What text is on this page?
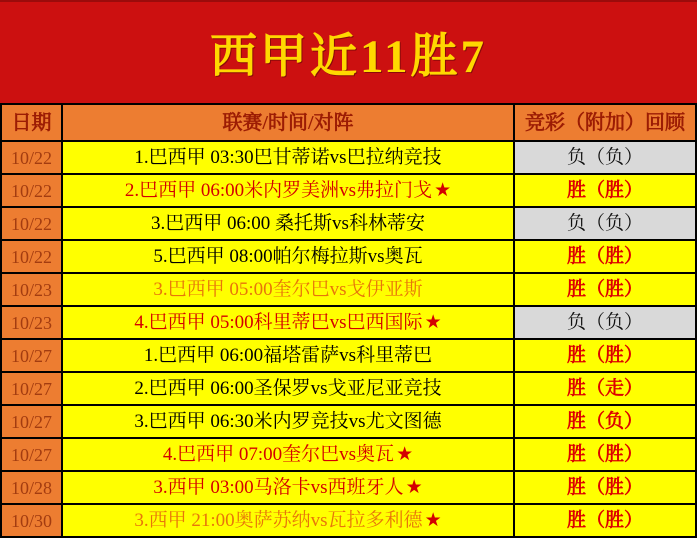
西甲近11胜7
日期	联赛/时间/对阵	竞彩（附加）回顾
10/22	1.巴西甲 03:30巴甘蒂诺vs巴拉纳竞技	负（负）
10/22	2.巴西甲 06:00米内罗美洲vs弗拉门戈 ★	胜（胜）
10/22	3.巴西甲 06:00 桑托斯vs科林蒂安	负（负）
10/22	5.巴西甲 08:00帕尔梅拉斯vs奥瓦	胜（胜）
10/23	3.巴西甲 05:00奎尔巴vs戈伊亚斯	胜（胜）
10/23	4.巴西甲 05:00科里蒂巴vs巴西国际 ★	负（负）
10/27	1.巴西甲 06:00福塔雷萨vs科里蒂巴	胜（胜）
10/27	2.巴西甲 06:00圣保罗vs戈亚尼亚竞技	胜（走）
10/27	3.巴西甲 06:30米内罗竞技vs尤文图德	胜（负）
10/27	4.巴西甲 07:00奎尔巴vs奥瓦 ★	胜（胜）
10/28	3.西甲 03:00马洛卡vs西班牙人 ★	胜（胜）
10/30	3.西甲 21:00奥萨苏纳vs瓦拉多利德 ★	胜（胜）
